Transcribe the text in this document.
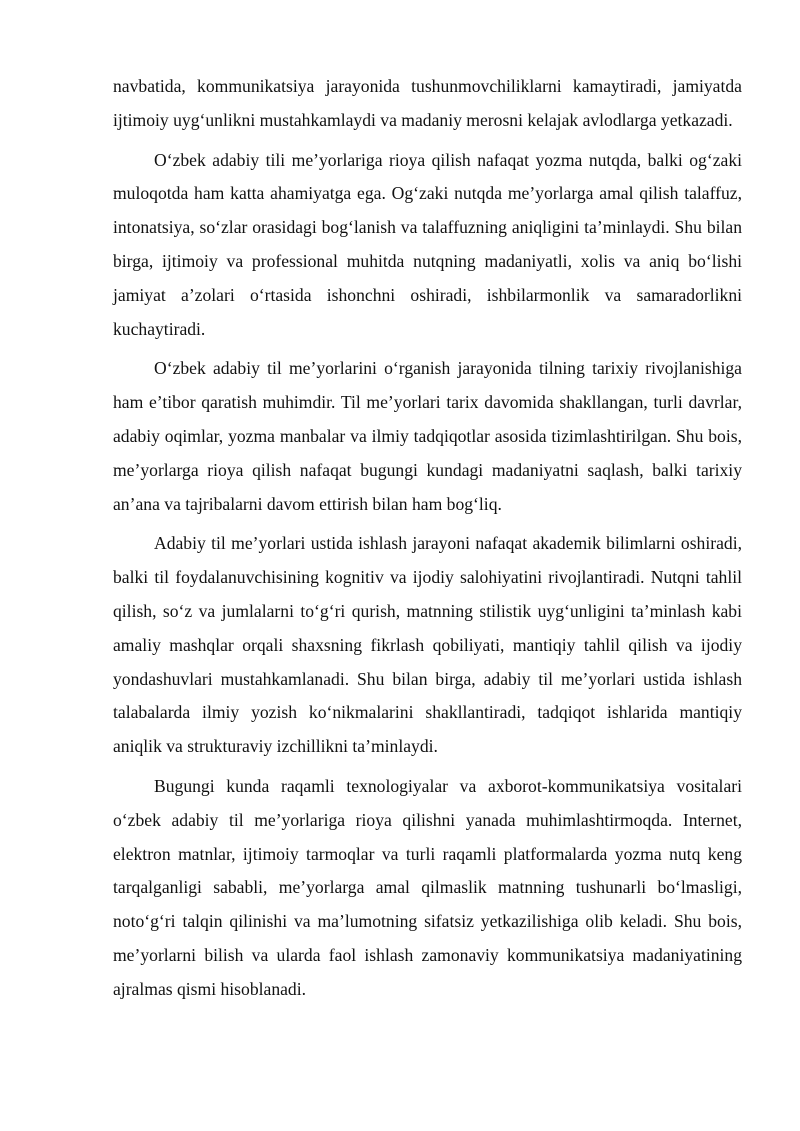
navbatida, kommunikatsiya jarayonida tushunmovchiliklarni kamaytiradi, jamiyatda ijtimoiy uyg‘unlikni mustahkamlaydi va madaniy merosni kelajak avlodlarga yetkazadi.

O‘zbek adabiy tili me’yorlariga rioya qilish nafaqat yozma nutqda, balki og‘zaki muloqotda ham katta ahamiyatga ega. Og‘zaki nutqda me’yorlarga amal qilish talaffuz, intonatsiya, so‘zlar orasidagi bog‘lanish va talaffuzning aniqligini ta’minlaydi. Shu bilan birga, ijtimoiy va professional muhitda nutqning madaniyatli, xolis va aniq bo‘lishi jamiyat a’zolari o‘rtasida ishonchni oshiradi, ishbilarmonlik va samaradorlikni kuchaytiradi.

O‘zbek adabiy til me’yorlarini o‘rganish jarayonida tilning tarixiy rivojlanishiga ham e’tibor qaratish muhimdir. Til me’yorlari tarix davomida shakllangan, turli davrlar, adabiy oqimlar, yozma manbalar va ilmiy tadqiqotlar asosida tizimlashtirilgan. Shu bois, me’yorlarga rioya qilish nafaqat bugungi kundagi madaniyatni saqlash, balki tarixiy an’ana va tajribalarni davom ettirish bilan ham bog‘liq.

Adabiy til me’yorlari ustida ishlash jarayoni nafaqat akademik bilimlarni oshiradi, balki til foydalanuvchisining kognitiv va ijodiy salohiyatini rivojlantiradi. Nutqni tahlil qilish, so‘z va jumlalarni to‘g‘ri qurish, matnning stilistik uyg‘unligini ta’minlash kabi amaliy mashqlar orqali shaxsning fikrlash qobiliyati, mantiqiy tahlil qilish va ijodiy yondashuvlari mustahkamlanadi. Shu bilan birga, adabiy til me’yorlari ustida ishlash talabalarda ilmiy yozish ko‘nikmalarini shakllantiradi, tadqiqot ishlarida mantiqiy aniqlik va strukturaviy izchillikni ta’minlaydi.

Bugungi kunda raqamli texnologiyalar va axborot-kommunikatsiya vositalari o‘zbek adabiy til me’yorlariga rioya qilishni yanada muhimlashtirmoqda. Internet, elektron matnlar, ijtimoiy tarmoqlar va turli raqamli platformalarda yozma nutq keng tarqalganligi sababli, me’yorlarga amal qilmaslik matnning tushunarli bo‘lmasligi, noto‘g‘ri talqin qilinishi va ma’lumotning sifatsiz yetkazilishiga olib keladi. Shu bois, me’yorlarni bilish va ularda faol ishlash zamonaviy kommunikatsiya madaniyatining ajralmas qismi hisoblanadi.
